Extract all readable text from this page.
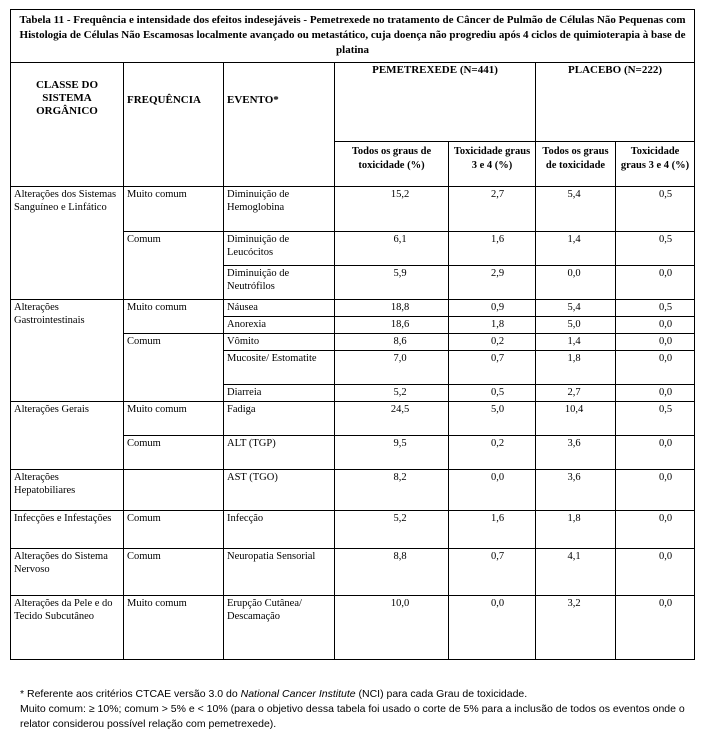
Tabela 11 - Frequência e intensidade dos efeitos indesejáveis - Pemetrexede no tratamento de Câncer de Pulmão de Células Não Pequenas com Histologia de Células Não Escamosas localmente avançado ou metastático, cuja doença não progrediu após 4 ciclos de quimioterapia à base de platina						
CLASSE DO SISTEMA ORGÂNICO	FREQUÊNCIA	EVENTO*	PEMETREXEDE (N=441)		PLACEBO (N=222)	
			Todos os graus de toxicidade (%)	Toxicidade graus 3 e 4 (%)	Todos os graus de toxicidade	Toxicidade graus 3 e 4 (%)
Alterações dos Sistemas Sanguíneo e Linfático	Muito comum	Diminuição de Hemoglobina	15,2	2,7	5,4	0,5
	Comum	Diminuição de Leucócitos	6,1	1,6	1,4	0,5
		Diminuição de Neutrófilos	5,9	2,9	0,0	0,0
Alterações Gastrointestinais	Muito comum	Náusea	18,8	0,9	5,4	0,5
		Anorexia	18,6	1,8	5,0	0,0
	Comum	Vômito	8,6	0,2	1,4	0,0
		Mucosite/ Estomatite	7,0	0,7	1,8	0,0
		Diarreia	5,2	0,5	2,7	0,0
Alterações Gerais	Muito comum	Fadiga	24,5	5,0	10,4	0,5
	Comum	ALT (TGP)	9,5	0,2	3,6	0,0
Alterações Hepatobiliares		AST (TGO)	8,2	0,0	3,6	0,0
Infecções e Infestações	Comum	Infecção	5,2	1,6	1,8	0,0
Alterações do Sistema Nervoso	Comum	Neuropatia Sensorial	8,8	0,7	4,1	0,0
Alterações da Pele e do Tecido Subcutâneo	Muito comum	Erupção Cutânea/ Descamação	10,0	0,0	3,2	0,0
* Referente aos critérios CTCAE versão 3.0 do National Cancer Institute (NCI) para cada Grau de toxicidade.
Muito comum: ≥ 10%; comum > 5% e < 10% (para o objetivo dessa tabela foi usado o corte de 5% para a inclusão de todos os eventos onde o relator considerou possível relação com pemetrexede).
